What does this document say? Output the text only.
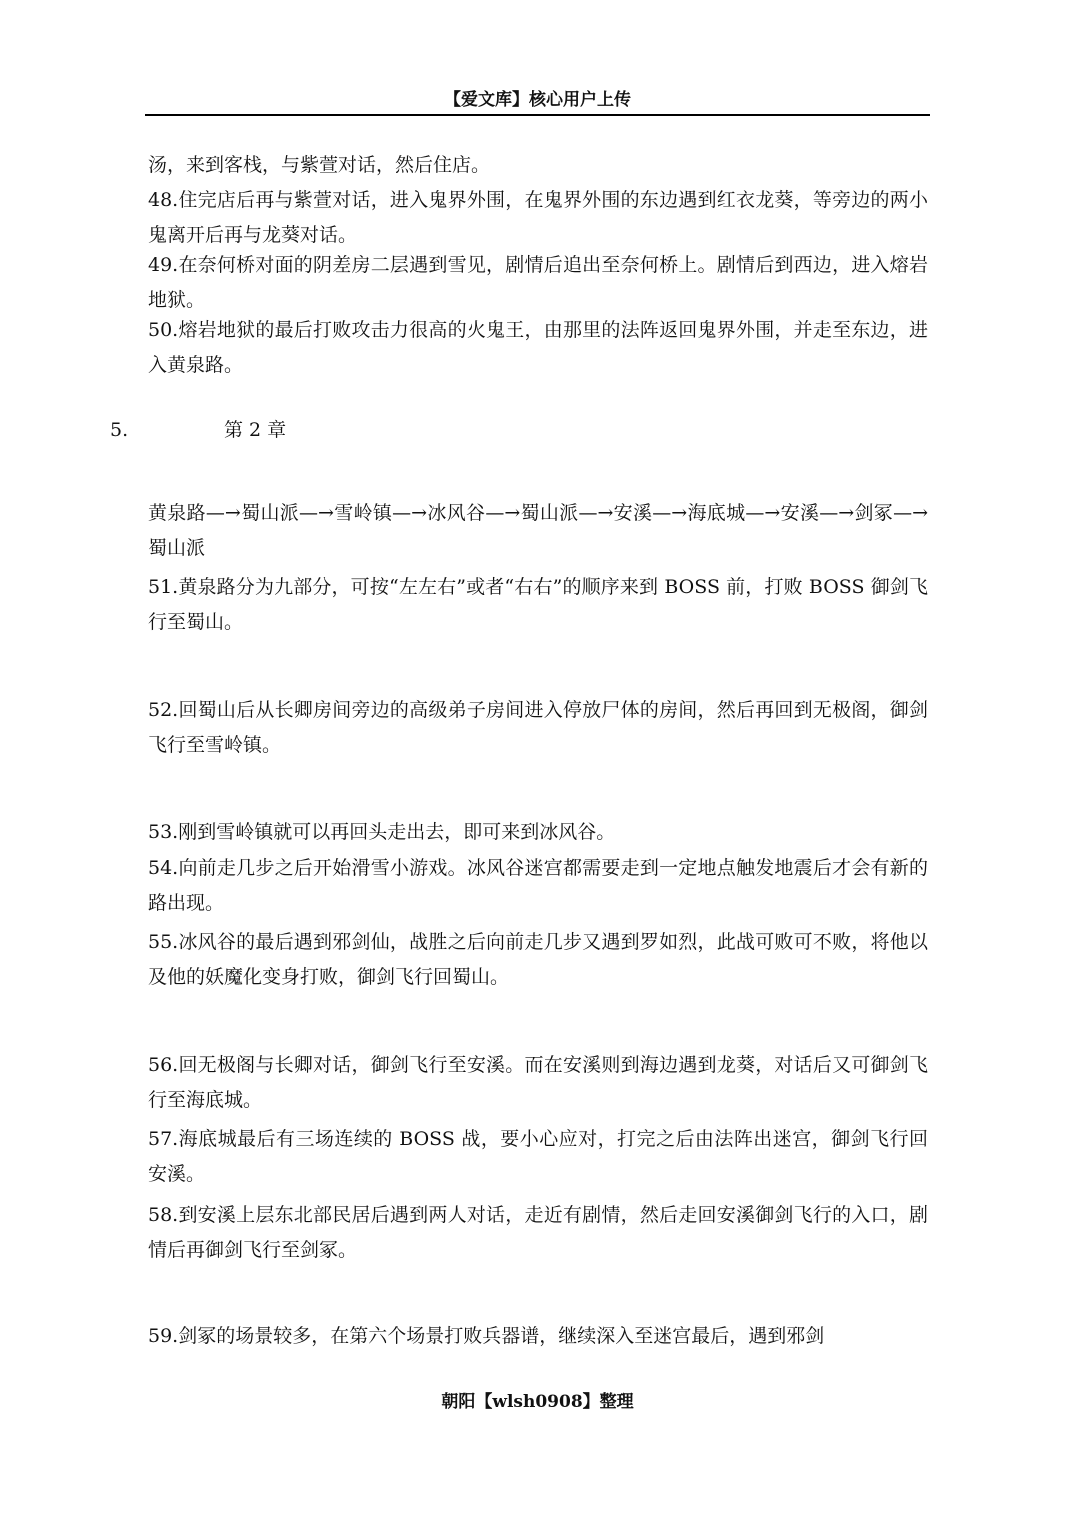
【爱文库】核心用户上传

汤，来到客栈，与紫萱对话，然后住店。

48.住完店后再与紫萱对话，进入鬼界外围，在鬼界外围的东边遇到红衣龙葵，等旁边的两小鬼离开后再与龙葵对话。

49.在奈何桥对面的阴差房二层遇到雪见，剧情后追出至奈何桥上。剧情后到西边，进入熔岩地狱。

50.熔岩地狱的最后打败攻击力很高的火鬼王，由那里的法阵返回鬼界外围，并走至东边，进入黄泉路。

5.	第 2 章

黄泉路—→蜀山派—→雪岭镇—→冰风谷—→蜀山派—→安溪—→海底城—→安溪—→剑冢—→蜀山派

51.黄泉路分为九部分，可按“左左右”或者“右右”的顺序来到 BOSS 前，打败 BOSS 御剑飞行至蜀山。

52.回蜀山后从长卿房间旁边的高级弟子房间进入停放尸体的房间，然后再回到无极阁，御剑飞行至雪岭镇。

53.刚到雪岭镇就可以再回头走出去，即可来到冰风谷。

54.向前走几步之后开始滑雪小游戏。冰风谷迷宫都需要走到一定地点触发地震后才会有新的路出现。

55.冰风谷的最后遇到邪剑仙，战胜之后向前走几步又遇到罗如烈，此战可败可不败，将他以及他的妖魔化变身打败，御剑飞行回蜀山。

56.回无极阁与长卿对话，御剑飞行至安溪。而在安溪则到海边遇到龙葵，对话后又可御剑飞行至海底城。

57.海底城最后有三场连续的 BOSS 战，要小心应对，打完之后由法阵出迷宫，御剑飞行回安溪。

58.到安溪上层东北部民居后遇到两人对话，走近有剧情，然后走回安溪御剑飞行的入口，剧情后再御剑飞行至剑冢。

59.剑冢的场景较多，在第六个场景打败兵器谱，继续深入至迷宫最后，遇到邪剑

朝阳【wlsh0908】整理
